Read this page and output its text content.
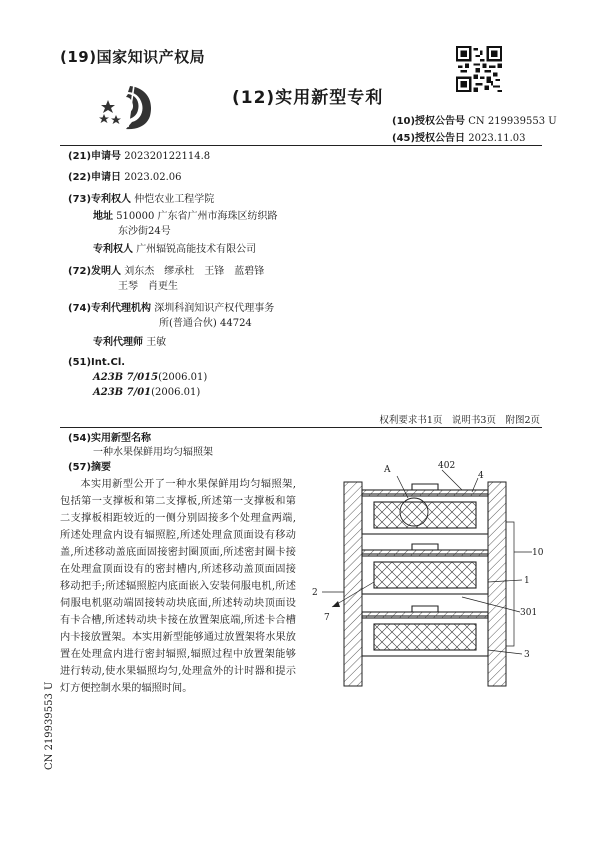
(19)国家知识产权局
(12)实用新型专利
(10)授权公告号 CN 219939553 U
(45)授权公告日 2023.11.03
(21)申请号 202320122114.8
(22)申请日 2023.02.06
(73)专利权人 仲恺农业工程学院
地址 510000 广东省广州市海珠区纺织路
东沙街24号
专利权人 广州辐锐高能技术有限公司
(72)发明人 刘东杰　缪承杜　王锋　蓝碧锋
王琴　肖更生
(74)专利代理机构 深圳科润知识产权代理事务
所(普通合伙) 44724
专利代理师 王敏
(51)Int.Cl.
A23B 7/015(2006.01)
A23B 7/01(2006.01)
权利要求书1页　说明书3页　附图2页
(54)实用新型名称
一种水果保鲜用均匀辐照架
(57)摘要
本实用新型公开了一种水果保鲜用均匀辐照架,包括第一支撑板和第二支撑板,所述第一支撑板和第二支撑板相距较近的一侧分别固接多个处理盒两端,所述处理盒内设有辐照腔,所述处理盒顶面设有移动盖,所述移动盖底面固接密封圈顶面,所述密封圈卡接在处理盒顶面设有的密封槽内,所述移动盖顶面固接移动把手;所述辐照腔内底面嵌入安装伺服电机,所述伺服电机驱动端固接转动块底面,所述转动块顶面设有卡合槽,所述转动块卡接在放置架底端,所述卡合槽内卡接放置架。本实用新型能够通过放置架将水果放置在处理盒内进行密封辐照,辐照过程中放置架能够进行转动,使水果辐照均匀,处理盒外的计时器和提示灯方便控制水果的辐照时间。
CN 219939553 U
A	402
4
10
1
2
7	301
3
